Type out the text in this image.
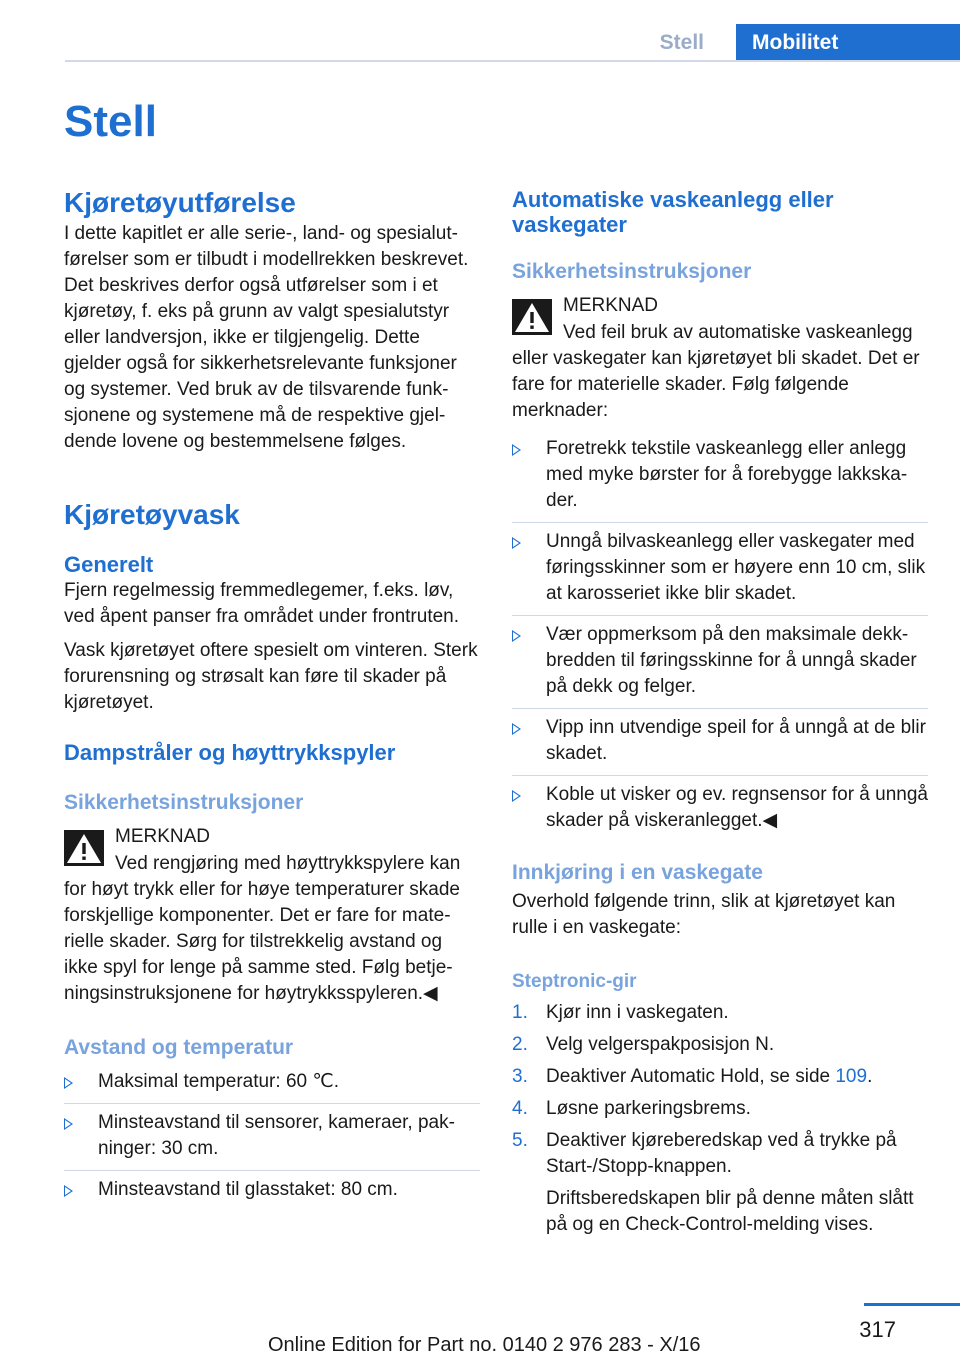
Stell	Mobilitet
Stell
Kjøretøyutførelse

I dette kapitlet er alle serie-, land- og spesialutførelser som er tilbudt i modellrekken beskrevet. Det beskrives derfor også utførelser som i et kjøretøy, f. eks på grunn av valgt spesialutstyr eller landversjon, ikke er tilgjengelig. Dette gjelder også for sikkerhetsrelevante funksjoner og systemer. Ved bruk av de tilsvarende funksjonene og systemene må de respektive gjeldende lovene og bestemmelsene følges.

Kjøretøyvask
Generelt

Fjern regelmessig fremmedlegemer, f.eks. løv, ved åpent panser fra området under frontruten.

Vask kjøretøyet oftere spesielt om vinteren. Sterk forurensning og strøsalt kan føre til skader på kjøretøyet.

Dampstråler og høyttrykkspyler
Sikkerhetsinstruksjoner
MERKNAD
Ved rengjøring med høyttrykkspylere kan

for høyt trykk eller for høye temperaturer skade forskjellige komponenter. Det er fare for materielle skader. Sørg for tilstrekkelig avstand og ikke spyl for lenge på samme sted. Følg betjeningsinstruksjonene for høytrykksspyleren.◀

Avstand og temperatur
Maksimal temperatur: 60 ℃.
Minsteavstand til sensorer, kameraer, pakninger: 30 cm.
Minsteavstand til glasstaket: 80 cm.
Automatiske vaskeanlegg eller vaskegater
Sikkerhetsinstruksjoner
MERKNAD
Ved feil bruk av automatiske vaskeanlegg

eller vaskegater kan kjøretøyet bli skadet. Det er fare for materielle skader. Følg følgende merknader:

Foretrekk tekstile vaskeanlegg eller anlegg med myke børster for å forebygge lakkskader.
Unngå bilvaskeanlegg eller vaskegater med føringsskinner som er høyere enn 10 cm, slik at karosseriet ikke blir skadet.
Vær oppmerksom på den maksimale dekkbredden til føringsskinne for å unngå skader på dekk og felger.
Vipp inn utvendige speil for å unngå at de blir skadet.
Koble ut visker og ev. regnsensor for å unngå skader på viskeranlegget.◀
Innkjøring i en vaskegate

Overhold følgende trinn, slik at kjøretøyet kan rulle i en vaskegate:

Steptronic-gir
1. Kjør inn i vaskegaten.
2. Velg velgerspakposisjon N.
3. Deaktiver Automatic Hold, se side 109.
4. Løsne parkeringsbrems.
5. Deaktiver kjøreberedskap ved å trykke på Start-/Stopp-knappen.
Driftsberedskapen blir på denne måten slått på og en Check-Control-melding vises.
317
Online Edition for Part no. 0140 2 976 283 - X/16
